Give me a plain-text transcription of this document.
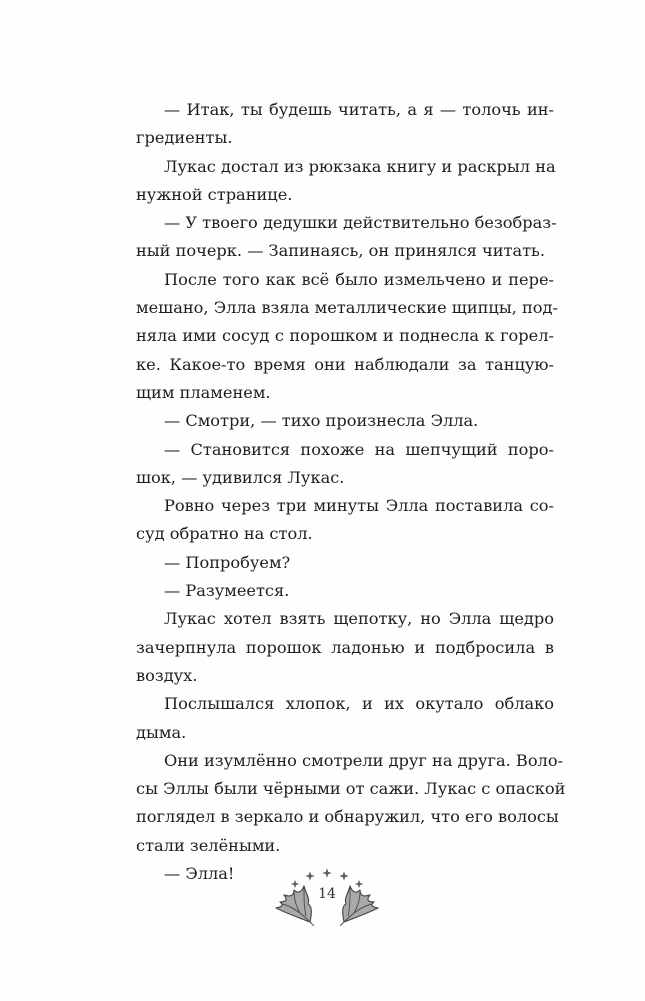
— Итак, ты будешь читать, а я — толочь ин-
гредиенты.
Лукас достал из рюкзака книгу и раскрыл на
нужной странице.
— У твоего дедушки действительно безобраз-
ный почерк. — Запинаясь, он принялся читать.
После того как всё было измельчено и пере-
мешано, Элла взяла металлические щипцы, под-
няла ими сосуд с порошком и поднесла к горел-
ке. Какое-то время они наблюдали за танцую-
щим пламенем.
— Смотри, — тихо произнесла Элла.
— Становится похоже на шепчущий поро-
шок, — удивился Лукас.
Ровно через три минуты Элла поставила со-
суд обратно на стол.
— Попробуем?
— Разумеется.
Лукас хотел взять щепотку, но Элла щедро
зачерпнула порошок ладонью и подбросила в
воздух.
Послышался хлопок, и их окутало облако
дыма.
Они изумлённо смотрели друг на друга. Воло-
сы Эллы были чёрными от сажи. Лукас с опаской
поглядел в зеркало и обнаружил, что его волосы
стали зелёными.
— Элла!
14
